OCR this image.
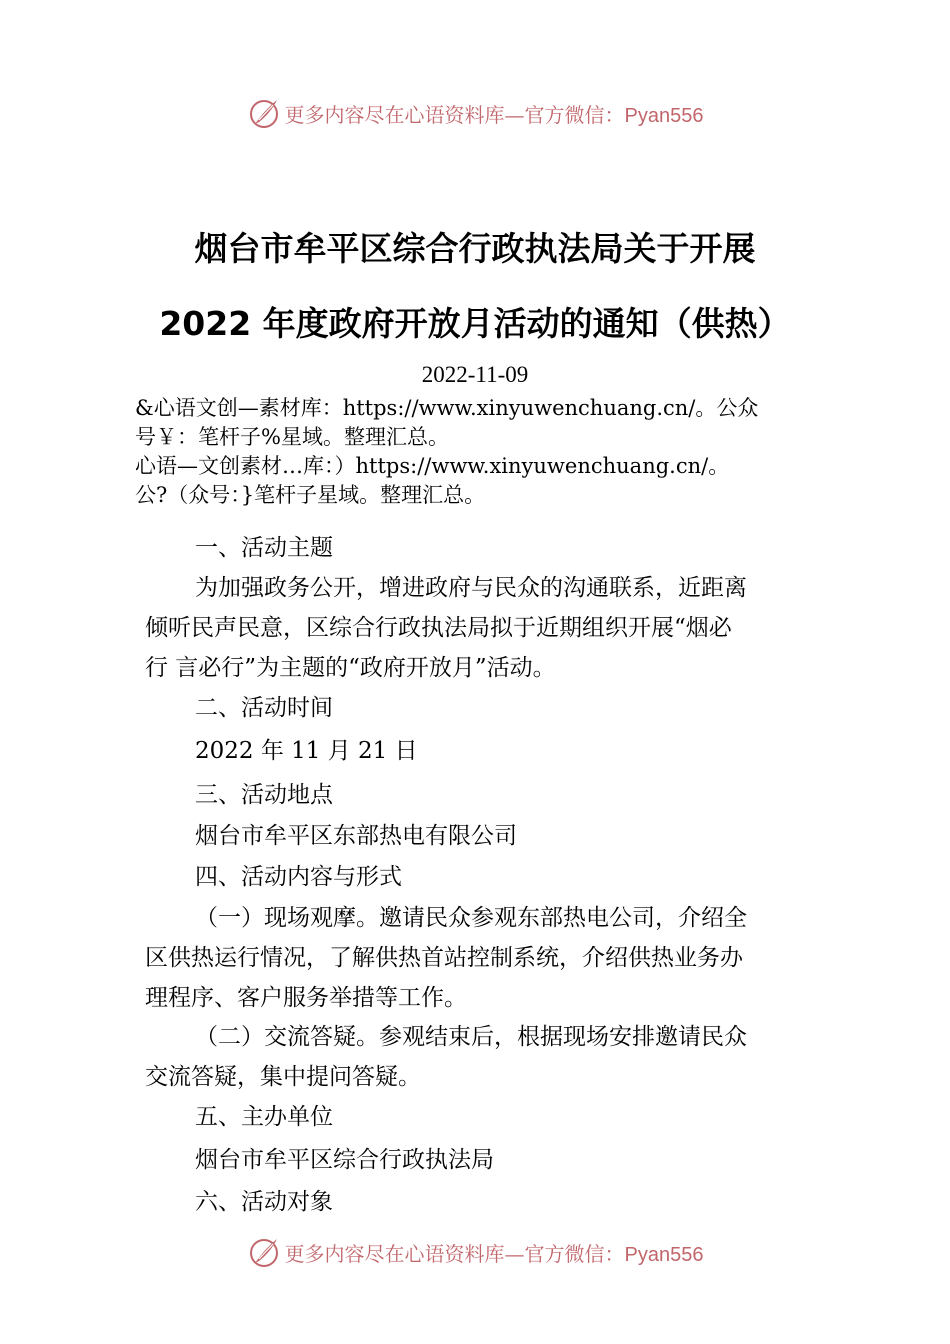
更多内容尽在心语资料库—官方微信：Pyan556
烟台市牟平区综合行政执法局关于开展
2022 年度政府开放月活动的通知（供热）
2022-11-09
&心语文创—素材库：https://www.xinyuwenchuang.cn/。公众
号￥：笔杆子%星域。整理汇总。
心语—文创素材…库：）https://www.xinyuwenchuang.cn/。
公?（众号：}笔杆子星域。整理汇总。
一、活动主题
为加强政务公开，增进政府与民众的沟通联系，近距离
倾听民声民意，区综合行政执法局拟于近期组织开展“烟必
行 言必行”为主题的“政府开放月”活动。
二、活动时间
2022 年 11 月 21 日
三、活动地点
烟台市牟平区东部热电有限公司
四、活动内容与形式
（一）现场观摩。邀请民众参观东部热电公司，介绍全
区供热运行情况，了解供热首站控制系统，介绍供热业务办
理程序、客户服务举措等工作。
（二）交流答疑。参观结束后，根据现场安排邀请民众
交流答疑，集中提问答疑。
五、主办单位
烟台市牟平区综合行政执法局
六、活动对象
更多内容尽在心语资料库—官方微信：Pyan556
